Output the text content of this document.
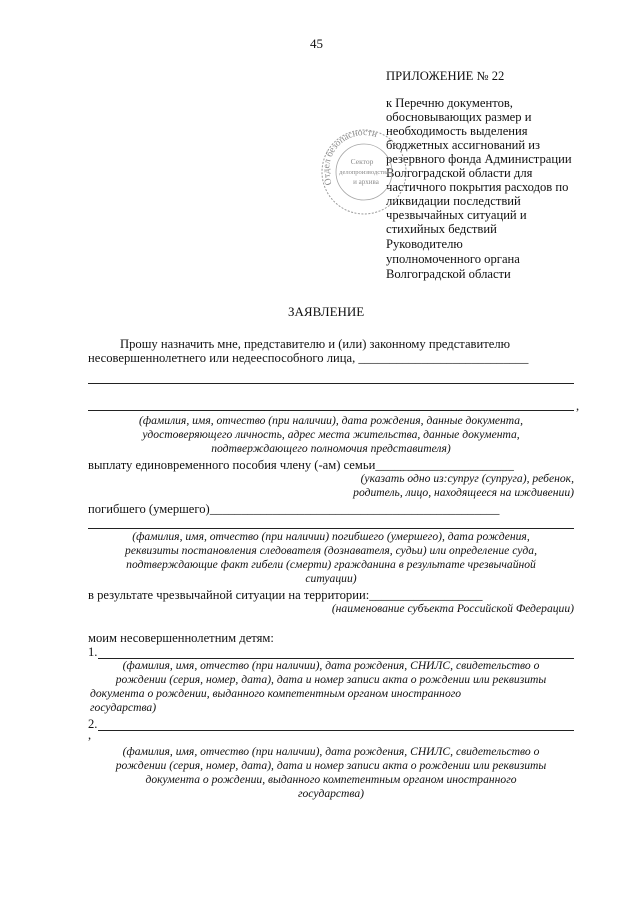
45
ПРИЛОЖЕНИЕ № 22
к Перечню документов,
обосновывающих размер и
необходимость выделения
бюджетных ассигнований из
резервного фонда Администрации
Волгоградской области для
частичного покрытия расходов по
ликвидации последствий
чрезвычайных ситуаций и
стихийных бедствий
Отдел безопасности
Сектор
делопроизводства
и архива
Руководителю
уполномоченного органа
Волгоградской области
ЗАЯВЛЕНИЕ
Прошу назначить мне, представителю и (или) законному представителю
несовершеннолетнего или недееспособного лица, ___________________________
,
(фамилия, имя, отчество (при наличии), дата рождения, данные документа,
удостоверяющего личность, адрес места жительства, данные документа,
подтверждающего полномочия представителя)
выплату единовременного пособия члену (-ам) семьи______________________
(указать одно из:супруг (супруга), ребенок,
родитель, лицо, находящееся на иждивении)
погибшего (умершего)______________________________________________
(фамилия, имя, отчество (при наличии) погибшего (умершего), дата рождения,
реквизиты постановления следователя (дознавателя, судьи) или определение суда,
подтверждающие факт гибели (смерти) гражданина в результате чрезвычайной
ситуации)
в результате чрезвычайной ситуации на территории:__________________
(наименование субъекта Российской Федерации)
моим несовершеннолетним детям:
1.
(фамилия, имя, отчество (при наличии), дата рождения, СНИЛС, свидетельство о
рождении (серия, номер, дата), дата и номер записи акта о рождении или реквизиты
документа о рождении, выданного компетентным органом иностранного
государства)
2.
,
(фамилия, имя, отчество (при наличии), дата рождения, СНИЛС, свидетельство о
рождении (серия, номер, дата), дата и номер записи акта о рождении или реквизиты
документа о рождении, выданного компетентным органом иностранного
государства)
